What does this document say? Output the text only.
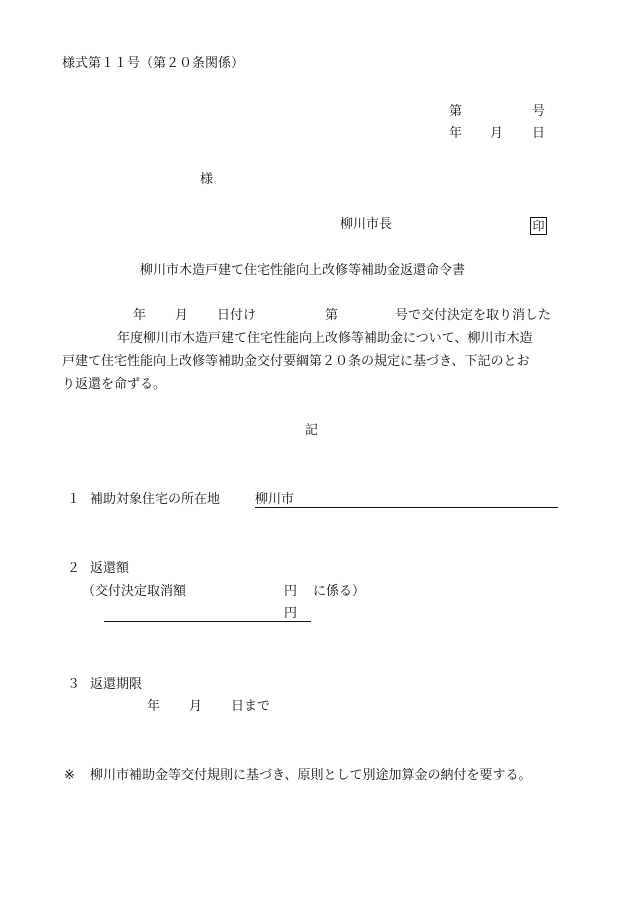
様式第１１号（第２０条関係）
第	号
年 月 日
様
柳川市長	印
柳川市木造戸建て住宅性能向上改修等補助金返還命令書
年 月 日付け	第	号で交付決定を取り消した
年度柳川市木造戸建て住宅性能向上改修等補助金について、柳川市木造
戸建て住宅性能向上改修等補助金交付要綱第２０条の規定に基づき、下記のとお
り返還を命ずる。
記
１ 補助対象住宅の所在地	柳川市
２ 返還額
（交付決定取消額	円 に係る）
円
３ 返還期限
年 月 日まで
※ 柳川市補助金等交付規則に基づき、原則として別途加算金の納付を要する。
